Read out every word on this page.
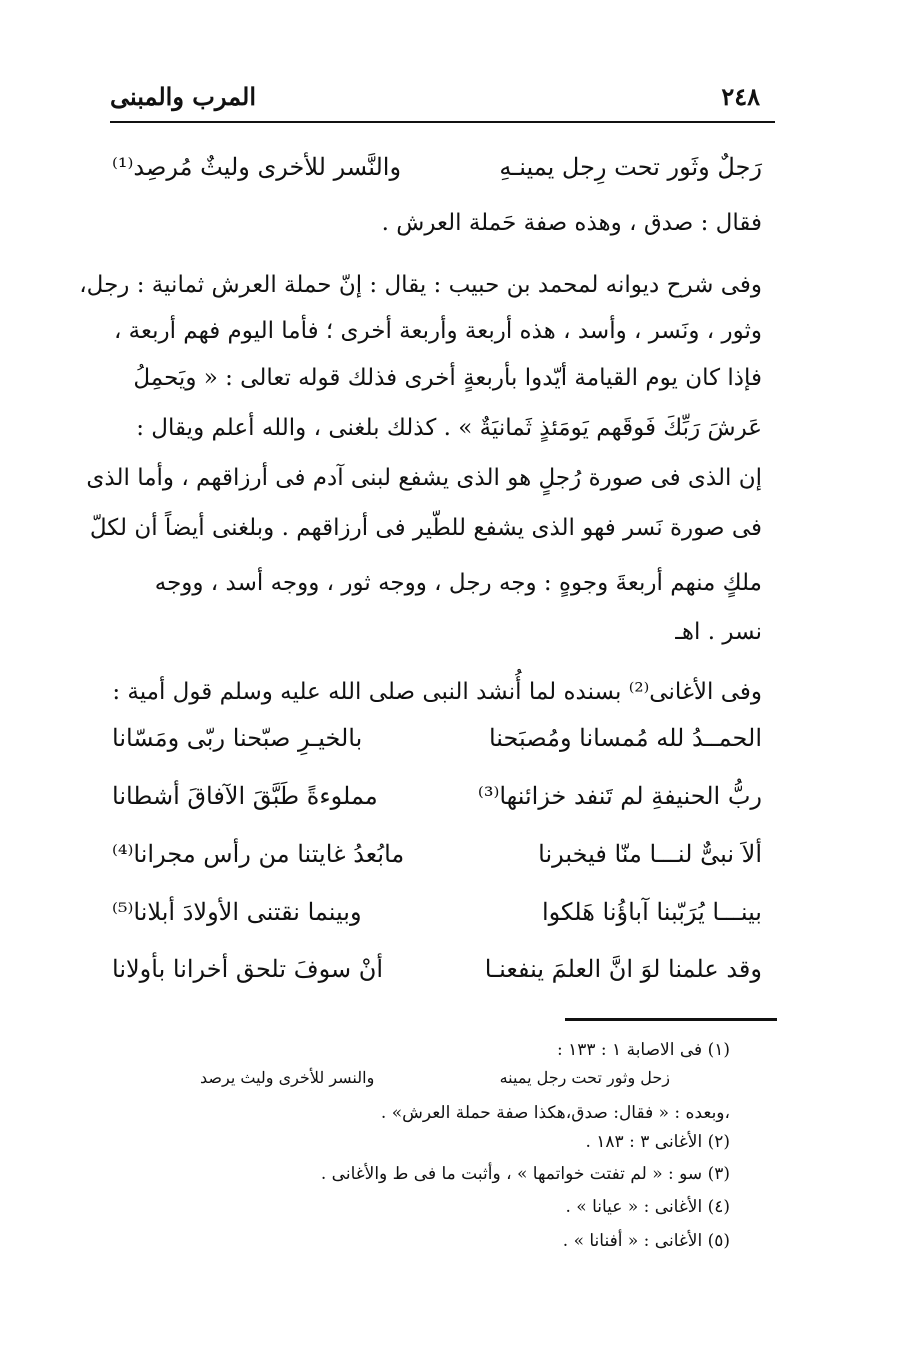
٢٤٨
المرب والمبنى
رَجلٌ وثَور تحت رِجل يمينـهِ
والنَّسر للأخرى وليثٌ مُرصِد⁽¹⁾
فقال : صدق ، وهذه صفة حَملة العرش .
وفى شرح ديوانه لمحمد بن حبيب : يقال : إنّ حملة العرش ثمانية : رجل،
وثور ، ونَسر ، وأسد ، هذه أربعة وأربعة أخرى ؛ فأما اليوم فهم أربعة ،
فإذا كان يوم القيامة أيّدوا بأربعةٍ أخرى فذلك قوله تعالى : « ويَحمِلُ
عَرشَ رَبِّكَ فَوقَهم يَومَئذٍ ثَمانيَةٌ » . كذلك بلغنى ، والله أعلم ويقال :
إن الذى فى صورة رُجلٍ هو الذى يشفع لبنى آدم فى أرزاقهم ، وأما الذى
فى صورة نَسر فهو الذى يشفع للطّير فى أرزاقهم . وبلغنى أيضاً أن لكلّ
ملكٍ منهم أربعةَ وجوهٍ : وجه رجل ، ووجه ثور ، ووجه أسد ، ووجه
نسر . اهـ
وفى الأغانى⁽²⁾ بسنده لما أُنشد النبى صلى الله عليه وسلم قول أمية :
الحمــدُ لله مُمسانا ومُصبَحنا
بالخيـرِ صبّحنا ربّى ومَسّانا
ربُّ الحنيفةِ لم تَنفد خزائنها⁽³⁾
مملوءةً طَبَّقَ الآفاقَ أشطانا
ألاَ نبىٌّ لنـــا منّا فيخبرنا
مابُعدُ غايتنا من رأس مجرانا⁽⁴⁾
بينـــا يُرَبّبنا آباؤُنا هَلكوا
وبينما نقتنى الأولادَ أبلانا⁽⁵⁾
وقد علمنا لوَ انَّ العلمَ ينفعنـا
أنْ سوفَ تلحق أخرانا بأولانا
(١) فى الاصابة ١ : ١٣٣ :
زحل وثور تحت رجل يمينه
والنسر للأخرى وليث يرصد
،وبعده : « فقال: صدق،هكذا صفة حملة العرش» .
(٢) الأغانى ٣ : ١٨٣ .
(٣) سو : « لم تفتت خواتمها » ، وأثبت ما فى ط والأغانى .
(٤) الأغانى : « عيانا » .
(٥) الأغانى : « أفنانا » .
